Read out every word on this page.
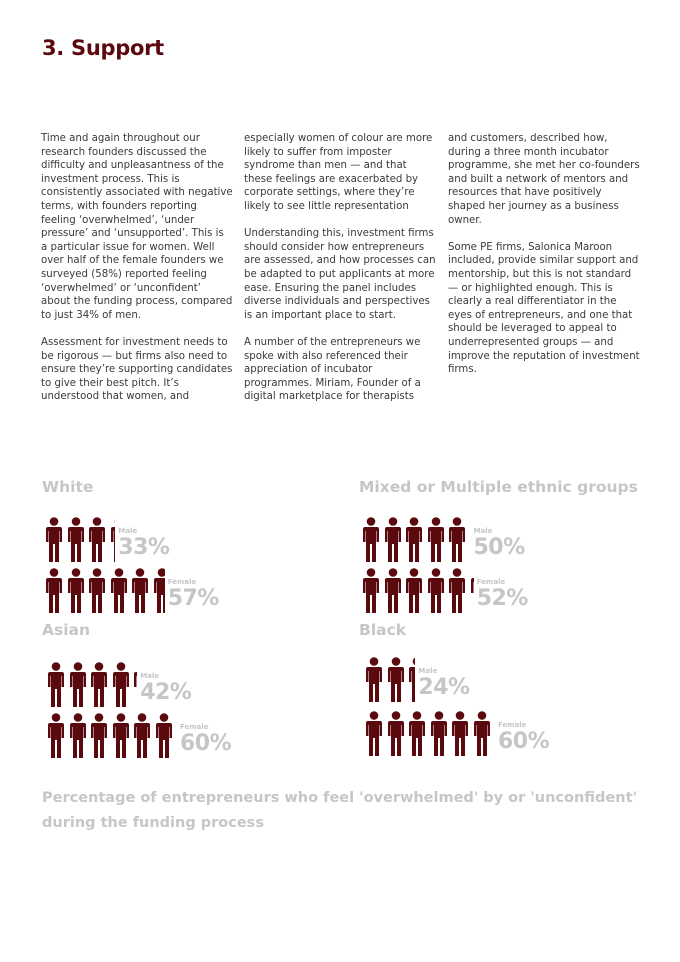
3. Support

Time and again throughout our research founders discussed the difficulty and unpleasantness of the investment process. This is consistently associated with negative terms, with founders reporting feeling ‘overwhelmed’, ‘under pressure’ and ‘unsupported’. This is a particular issue for women. Well over half of the female founders we surveyed (58%) reported feeling ‘overwhelmed’ or ‘unconfident’ about the funding process, compared to just 34% of men.

Assessment for investment needs to be rigorous — but firms also need to ensure they’re supporting candidates to give their best pitch. It’s understood that women, and

especially women of colour are more likely to suffer from imposter syndrome than men — and that these feelings are exacerbated by corporate settings, where they’re likely to see little representation

Understanding this, investment firms should consider how entrepreneurs are assessed, and how processes can be adapted to put applicants at more ease. Ensuring the panel includes diverse individuals and perspectives is an important place to start.

A number of the entrepreneurs we spoke with also referenced their appreciation of incubator programmes. Miriam, Founder of a digital marketplace for therapists

and customers, described how, during a three month incubator programme, she met her co-founders and built a network of mentors and resources that have positively shaped her journey as a business owner.

Some PE firms, Salonica Maroon included, provide similar support and mentorship, but this is not standard — or highlighted enough. This is clearly a real differentiator in the eyes of entrepreneurs, and one that should be leveraged to appeal to underrepresented groups — and improve the reputation of investment firms.

White
Male
33%
Female
57%
Mixed or Multiple ethnic groups
Male
50%
Female
52%
Asian
Male
42%
Female
60%
Black
Male
24%
Female
60%
Percentage of entrepreneurs who feel 'overwhelmed' by or 'unconfident' during the funding process
